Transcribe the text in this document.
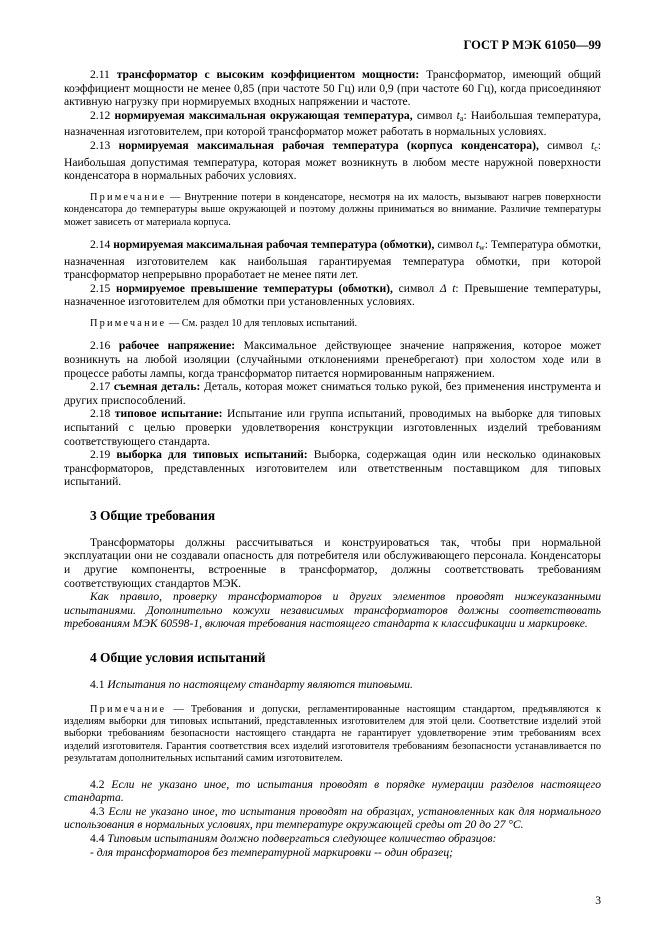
ГОСТ Р МЭК 61050—99

2.11 трансформатор с высоким коэффициентом мощности: Трансформатор, имеющий общий коэффициент мощности не менее 0,85 (при частоте 50 Гц) или 0,9 (при частоте 60 Гц), когда присоединяют активную нагрузку при нормируемых входных напряжении и частоте.

2.12 нормируемая максимальная окружающая температура, символ $t_a$: Наибольшая температура, назначенная изготовителем, при которой трансформатор может работать в нормальных условиях.

2.13 нормируемая максимальная рабочая температура (корпуса конденсатора), символ $t_c$: Наибольшая допустимая температура, которая может возникнуть в любом месте наружной поверхности конденсатора в нормальных рабочих условиях.

Примечание — Внутренние потери в конденсаторе, несмотря на их малость, вызывают нагрев поверхности конденсатора до температуры выше окружающей и поэтому должны приниматься во внимание. Различие температуры может зависеть от материала корпуса.

2.14 нормируемая максимальная рабочая температура (обмотки), символ $t_w$: Температура обмотки, назначенная изготовителем как наибольшая гарантируемая температура обмотки, при которой трансформатор непрерывно проработает не менее пяти лет.

2.15 нормируемое превышение температуры (обмотки), символ Δ t: Превышение температуры, назначенное изготовителем для обмотки при установленных условиях.

Примечание — См. раздел 10 для тепловых испытаний.

2.16 рабочее напряжение: Максимальное действующее значение напряжения, которое может возникнуть на любой изоляции (случайными отклонениями пренебрегают) при холостом ходе или в процессе работы лампы, когда трансформатор питается нормированным напряжением.

2.17 съемная деталь: Деталь, которая может сниматься только рукой, без применения инструмента и других приспособлений.

2.18 типовое испытание: Испытание или группа испытаний, проводимых на выборке для типовых испытаний с целью проверки удовлетворения конструкции изготовленных изделий требованиям соответствующего стандарта.

2.19 выборка для типовых испытаний: Выборка, содержащая один или несколько одинаковых трансформаторов, представленных изготовителем или ответственным поставщиком для типовых испытаний.

3 Общие требования

Трансформаторы должны рассчитываться и конструироваться так, чтобы при нормальной эксплуатации они не создавали опасность для потребителя или обслуживающего персонала. Конденсаторы и другие компоненты, встроенные в трансформатор, должны соответствовать требованиям соответствующих стандартов МЭК.

Как правило, проверку трансформаторов и других элементов проводят нижеуказанными испытаниями. Дополнительно кожухи независимых трансформаторов должны соответствовать требованиям МЭК 60598-1, включая требования настоящего стандарта к классификации и маркировке.

4 Общие условия испытаний

4.1 Испытания по настоящему стандарту являются типовыми.

Примечание — Требования и допуски, регламентированные настоящим стандартом, предъявляются к изделиям выборки для типовых испытаний, представленных изготовителем для этой цели. Соответствие изделий этой выборки требованиям безопасности настоящего стандарта не гарантирует удовлетворение этим требованиям всех изделий изготовителя. Гарантия соответствия всех изделий изготовителя требованиям безопасности устанавливается по результатам дополнительных испытаний самим изготовителем.

4.2 Если не указано иное, то испытания проводят в порядке нумерации разделов настоящего стандарта.

4.3 Если не указано иное, то испытания проводят на образцах, установленных как для нормального использования в нормальных условиях, при температуре окружающей среды от 20 до 27 °С.

4.4 Типовым испытаниям должно подвергаться следующее количество образцов:

- для трансформаторов без температурной маркировки -- один образец;

3
